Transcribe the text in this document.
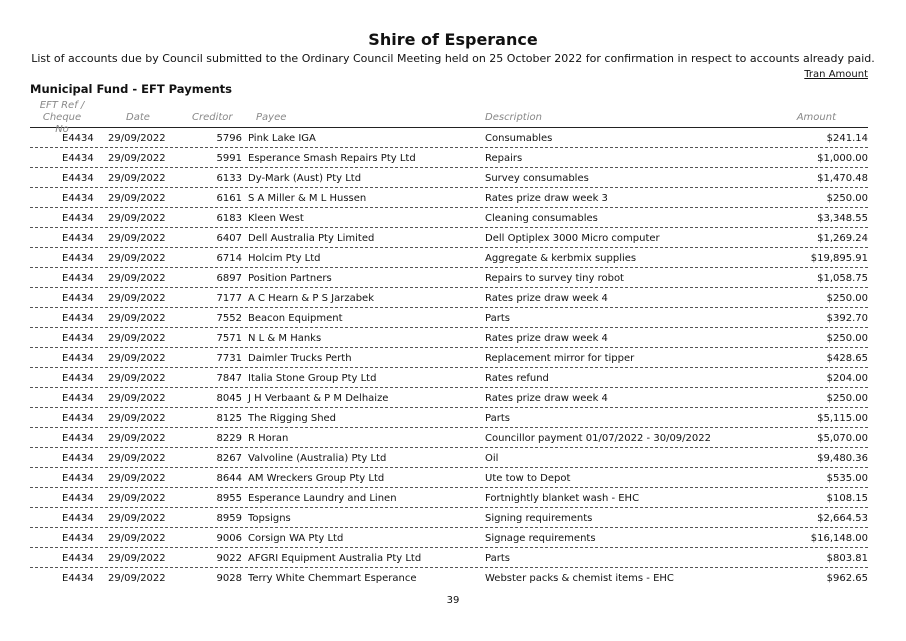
Shire of Esperance
List of accounts due by Council submitted to the Ordinary Council Meeting held on 25 October 2022 for confirmation in respect to accounts already paid.
Tran Amount
Municipal Fund - EFT Payments
EFT Ref /
Cheque No
Date	Creditor Payee	Description	Amount
E4434 29/09/2022	5796 Pink Lake IGA	Consumables	$241.14
E4434 29/09/2022	5991 Esperance Smash Repairs Pty Ltd	Repairs	$1,000.00
E4434 29/09/2022	6133 Dy-Mark (Aust) Pty Ltd	Survey consumables	$1,470.48
E4434 29/09/2022	6161 S A Miller & M L Hussen	Rates prize draw week 3	$250.00
E4434 29/09/2022	6183 Kleen West	Cleaning consumables	$3,348.55
E4434 29/09/2022	6407 Dell Australia Pty Limited	Dell Optiplex 3000 Micro computer	$1,269.24
E4434 29/09/2022	6714 Holcim Pty Ltd	Aggregate & kerbmix supplies	$19,895.91
E4434 29/09/2022	6897 Position Partners	Repairs to survey tiny robot	$1,058.75
E4434 29/09/2022	7177 A C Hearn & P S Jarzabek	Rates prize draw week 4	$250.00
E4434 29/09/2022	7552 Beacon Equipment	Parts	$392.70
E4434 29/09/2022	7571 N L & M Hanks	Rates prize draw week 4	$250.00
E4434 29/09/2022	7731 Daimler Trucks Perth	Replacement mirror for tipper	$428.65
E4434 29/09/2022	7847 Italia Stone Group Pty Ltd	Rates refund	$204.00
E4434 29/09/2022	8045 J H Verbaant & P M Delhaize	Rates prize draw week 4	$250.00
E4434 29/09/2022	8125 The Rigging Shed	Parts	$5,115.00
E4434 29/09/2022	8229 R Horan	Councillor payment 01/07/2022 - 30/09/2022	$5,070.00
E4434 29/09/2022	8267 Valvoline (Australia) Pty Ltd	Oil	$9,480.36
E4434 29/09/2022	8644 AM Wreckers Group Pty Ltd	Ute tow to Depot	$535.00
E4434 29/09/2022	8955 Esperance Laundry and Linen	Fortnightly blanket wash - EHC	$108.15
E4434 29/09/2022	8959 Topsigns	Signing requirements	$2,664.53
E4434 29/09/2022	9006 Corsign WA Pty Ltd	Signage requirements	$16,148.00
E4434 29/09/2022	9022 AFGRI Equipment Australia Pty Ltd	Parts	$803.81
E4434 29/09/2022	9028 Terry White Chemmart Esperance	Webster packs & chemist items - EHC	$962.65
39
